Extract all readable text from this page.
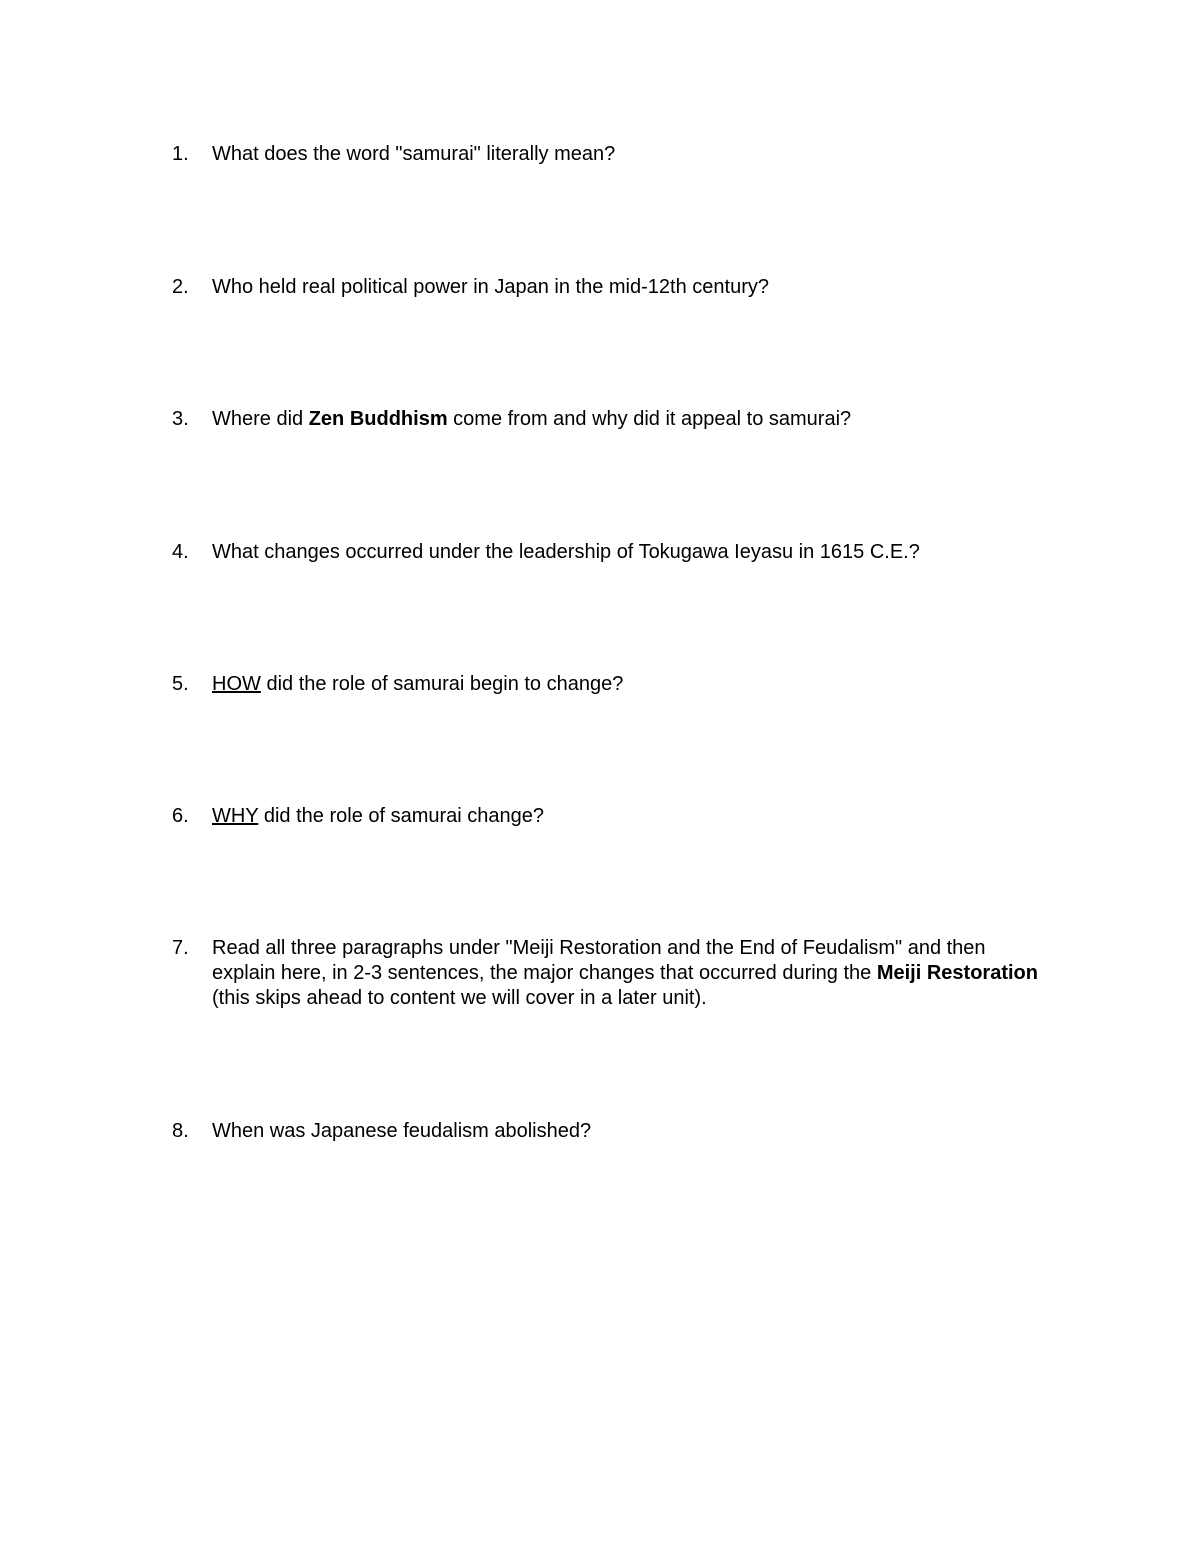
1.	What does the word "samurai" literally mean?
2.	Who held real political power in Japan in the mid-12th century?
3.	Where did Zen Buddhism come from and why did it appeal to samurai?
4.	What changes occurred under the leadership of Tokugawa Ieyasu in 1615 C.E.?
5.	HOW did the role of samurai begin to change?
6.	WHY did the role of samurai change?
7.	Read all three paragraphs under "Meiji Restoration and the End of Feudalism" and then explain here, in 2-3 sentences, the major changes that occurred during the Meiji Restoration (this skips ahead to content we will cover in a later unit).
8.	When was Japanese feudalism abolished?
